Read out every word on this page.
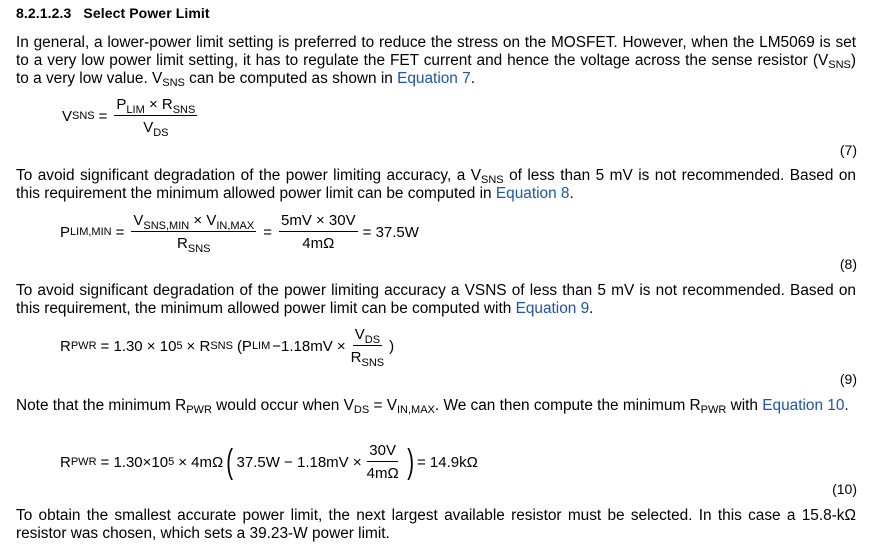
8.2.1.2.3 Select Power Limit
In general, a lower-power limit setting is preferred to reduce the stress on the MOSFET. However, when the LM5069 is set to a very low power limit setting, it has to regulate the FET current and hence the voltage across the sense resistor $(V_{SNS})$ to a very low value. $V_{SNS}$ can be computed as shown in Equation 7.
V SNS = $\frac{P_{LIM} \times R_{SNS}}{V_{DS}}$
(7)
To avoid significant degradation of the power limiting accuracy, a $V_{SNS}$ of less than 5 mV is not recommended. Based on this requirement the minimum allowed power limit can be computed in Equation 8.
P $LIM,MIN = \frac{V_{SNS,MIN} \times V_{IN,MAX}}{R_{SNS}} = \frac{5mV \times 30V}{4m\Omega} = 37.5W$
(8)
To avoid significant degradation of the power limiting accuracy a VSNS of less than 5 mV is not recommended. Based on this requirement, the minimum allowed power limit can be computed with Equation 9.
R PWR = 1.30 × 10 5 × R SNS (P LIM $-1.18mV \times \frac{V_{DS}}{R_{SNS}}$ )
(9)
Note that the minimum $R_{PWR}$ would occur when $V_{DS} = V_{IN,MAX}$. We can then compute the minimum $R_{PWR}$ with Equation 10.
R PWR = 1.30×10 5 × 4mΩ ( $37.5W - 1.18mV \times \frac{30V}{4m\Omega}$ ) = 14.9kΩ
(10)
To obtain the smallest accurate power limit, the next largest available resistor must be selected. In this case a 15.8-kΩ resistor was chosen, which sets a 39.23-W power limit.
